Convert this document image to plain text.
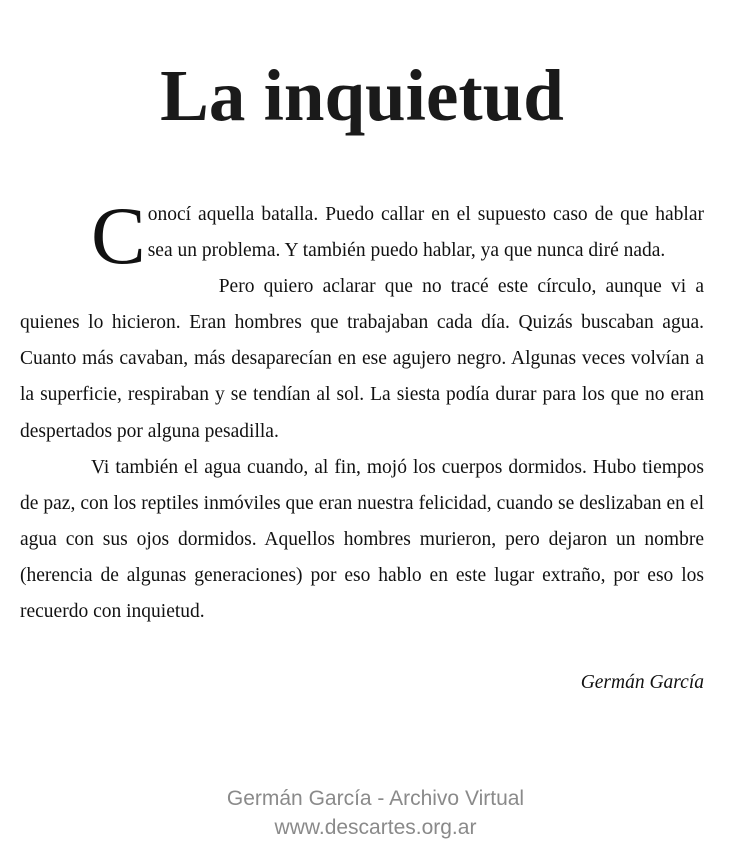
La inquietud

Conocí aquella batalla. Puedo callar en el supuesto caso de que hablar sea un problema. Y también puedo hablar, ya que nunca diré nada.

Pero quiero aclarar que no tracé este círculo, aunque vi a quienes lo hicieron. Eran hombres que trabajaban cada día. Quizás buscaban agua. Cuanto más cavaban, más desaparecían en ese agujero negro. Algunas veces volvían a la superficie, respiraban y se tendían al sol. La siesta podía durar para los que no eran despertados por alguna pesadilla.

Vi también el agua cuando, al fin, mojó los cuerpos dormidos. Hubo tiempos de paz, con los reptiles inmóviles que eran nuestra felicidad, cuando se deslizaban en el agua con sus ojos dormidos. Aquellos hombres murieron, pero dejaron un nombre (herencia de algunas generaciones) por eso hablo en este lugar extraño, por eso los recuerdo con inquietud.

Germán García
Germán García - Archivo Virtual
www.descartes.org.ar
